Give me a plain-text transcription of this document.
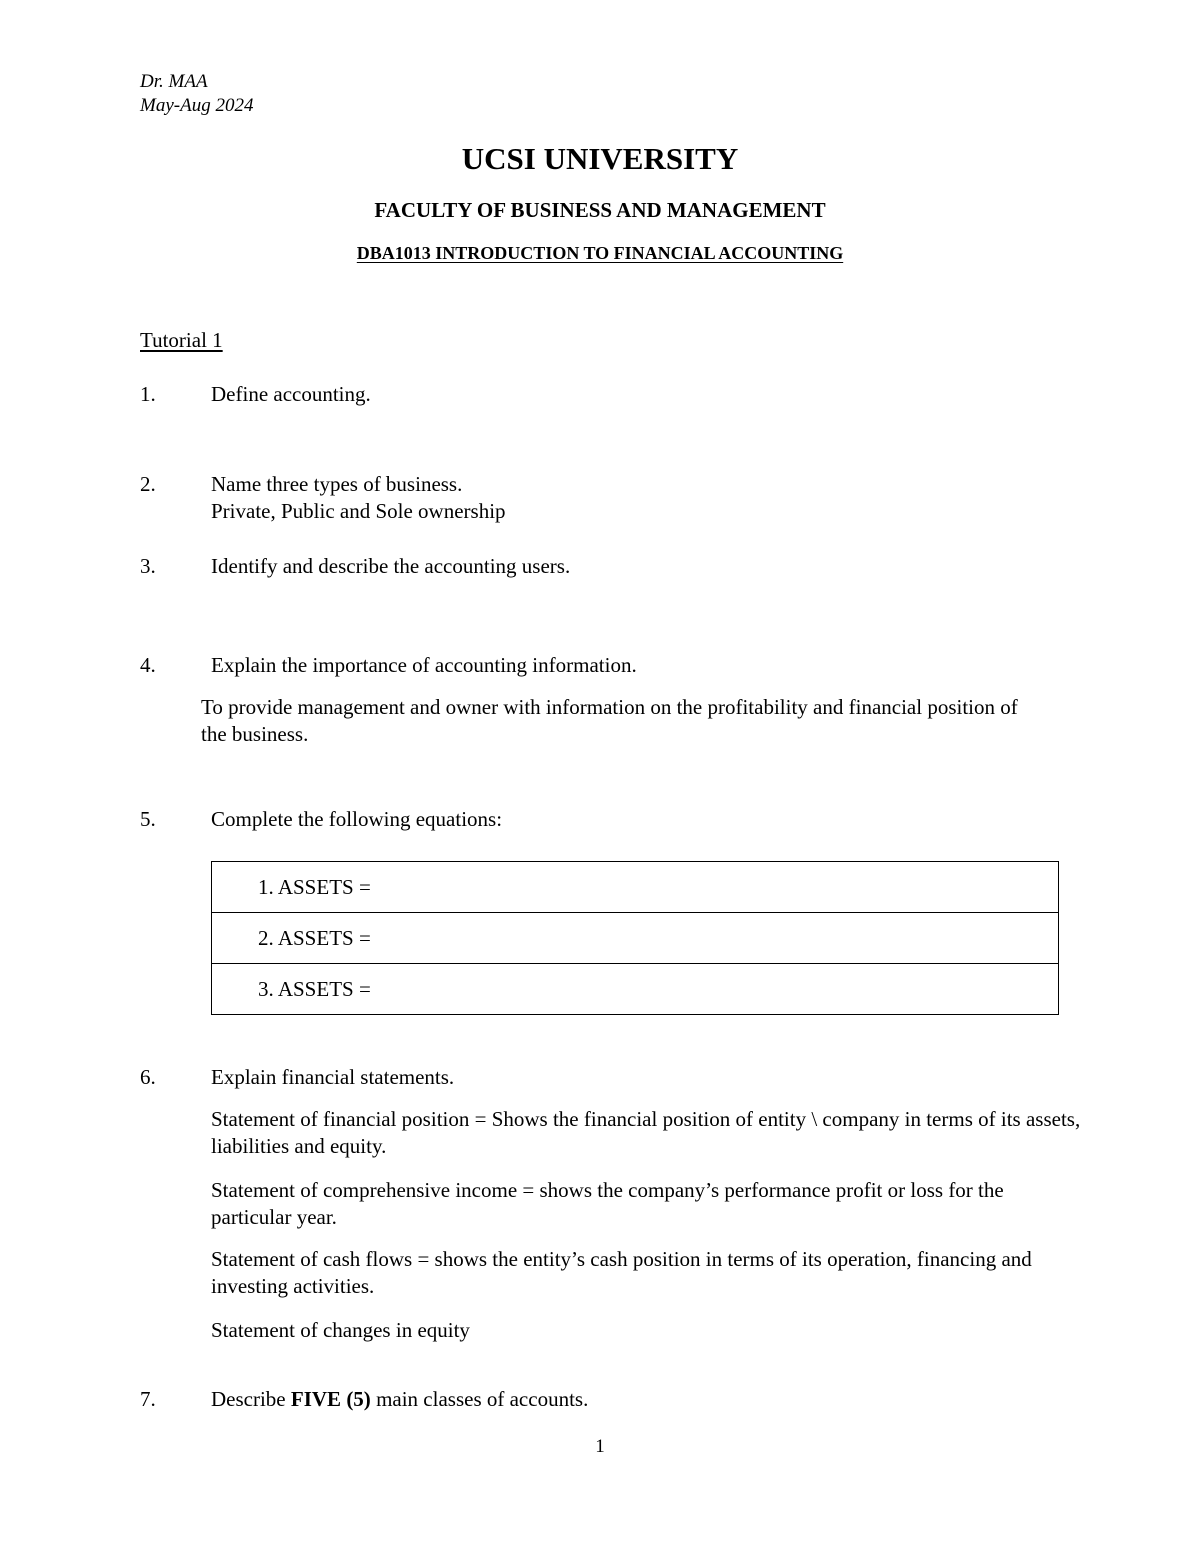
Dr. MAA
May-Aug 2024
UCSI UNIVERSITY
FACULTY OF BUSINESS AND MANAGEMENT
DBA1013 INTRODUCTION TO FINANCIAL ACCOUNTING
Tutorial 1
1.	Define accounting.
2.	Name three types of business.
Private, Public and Sole ownership
3.	Identify and describe the accounting users.
4.	Explain the importance of accounting information.
To provide management and owner with information on the profitability and financial position of the business.
5.	Complete the following equations:
1. ASSETS =
2. ASSETS =
3. ASSETS =
6.	Explain financial statements.
Statement of financial position = Shows the financial position of entity \ company in terms of its assets, liabilities and equity.
Statement of comprehensive income = shows the company’s performance profit or loss for the particular year.
Statement of cash flows = shows the entity’s cash position in terms of its operation, financing and investing activities.
Statement of changes in equity
7.	Describe FIVE (5) main classes of accounts.
1
